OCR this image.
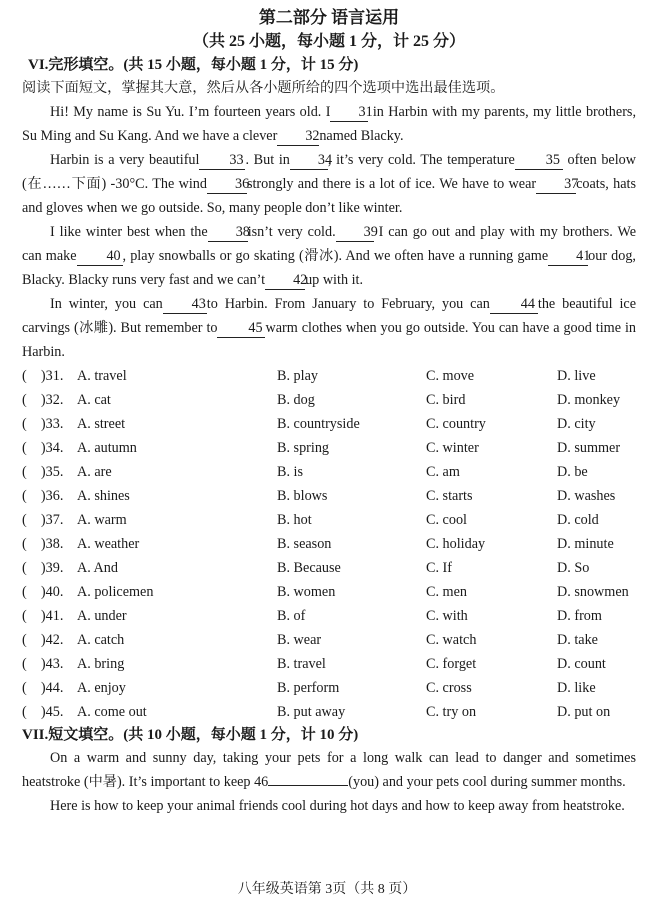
第二部分 语言运用
（共 25 小题，每小题 1 分，计 25 分）
VI.完形填空。(共 15 小题，每小题 1 分，计 15 分)
阅读下面短文，掌握其大意，然后从各小题所给的四个选项中选出最佳选项。
Hi! My name is Su Yu. I’m fourteen years old. I 31 in Harbin with my parents, my little brothers, Su Ming and Su Kang. And we have a clever 32named Blacky.
Harbin is a very beautiful 33 . But in 34, it’s very cold. The temperature 35 often below (在……下面) -30°C. The wind 36strongly and there is a lot of ice. We have to wear 37coats, hats and gloves when we go outside. So, many people don’t like winter.
I like winter best when the 38isn’t very cold. 39 I can go out and play with my brothers. We can make 40 , play snowballs or go skating (滑冰). And we often have a running game 41our dog, Blacky. Blacky runs very fast and we can’t 42up with it.
In winter, you can 43to Harbin. From January to February, you can 44 the beautiful ice carvings (冰雕). But remember to 45 warm clothes when you go outside. You can have a good time in Harbin.
(    )31. A. travel	B. play	C. move	D. live
(    )32. A. cat	B. dog	C. bird	D. monkey
(    )33. A. street	B. countryside	C. country	D. city
(    )34. A. autumn	B. spring	C. winter	D. summer
(    )35. A. are	B. is	C. am	D. be
(    )36. A. shines	B. blows	C. starts	D. washes
(    )37. A. warm	B. hot	C. cool	D. cold
(    )38. A. weather	B. season	C. holiday	D. minute
(    )39. A. And	B. Because	C. If	D. So
(    )40. A. policemen	B. women	C. men	D. snowmen
(    )41. A. under	B. of	C. with	D. from
(    )42. A. catch	B. wear	C. watch	D. take
(    )43. A. bring	B. travel	C. forget	D. count
(    )44. A. enjoy	B. perform	C. cross	D. like
(    )45. A. come out	B. put away	C. try on	D. put on
VII.短文填空。(共 10 小题，每小题 1 分，计 10 分)
On a warm and sunny day, taking your pets for a long walk can lead to danger and sometimes heatstroke (中暑). It’s important to keep 46	(you) and your pets cool during summer months.
Here is how to keep your animal friends cool during hot days and how to keep away from heatstroke.
八年级英语第 3页（共 8 页）
